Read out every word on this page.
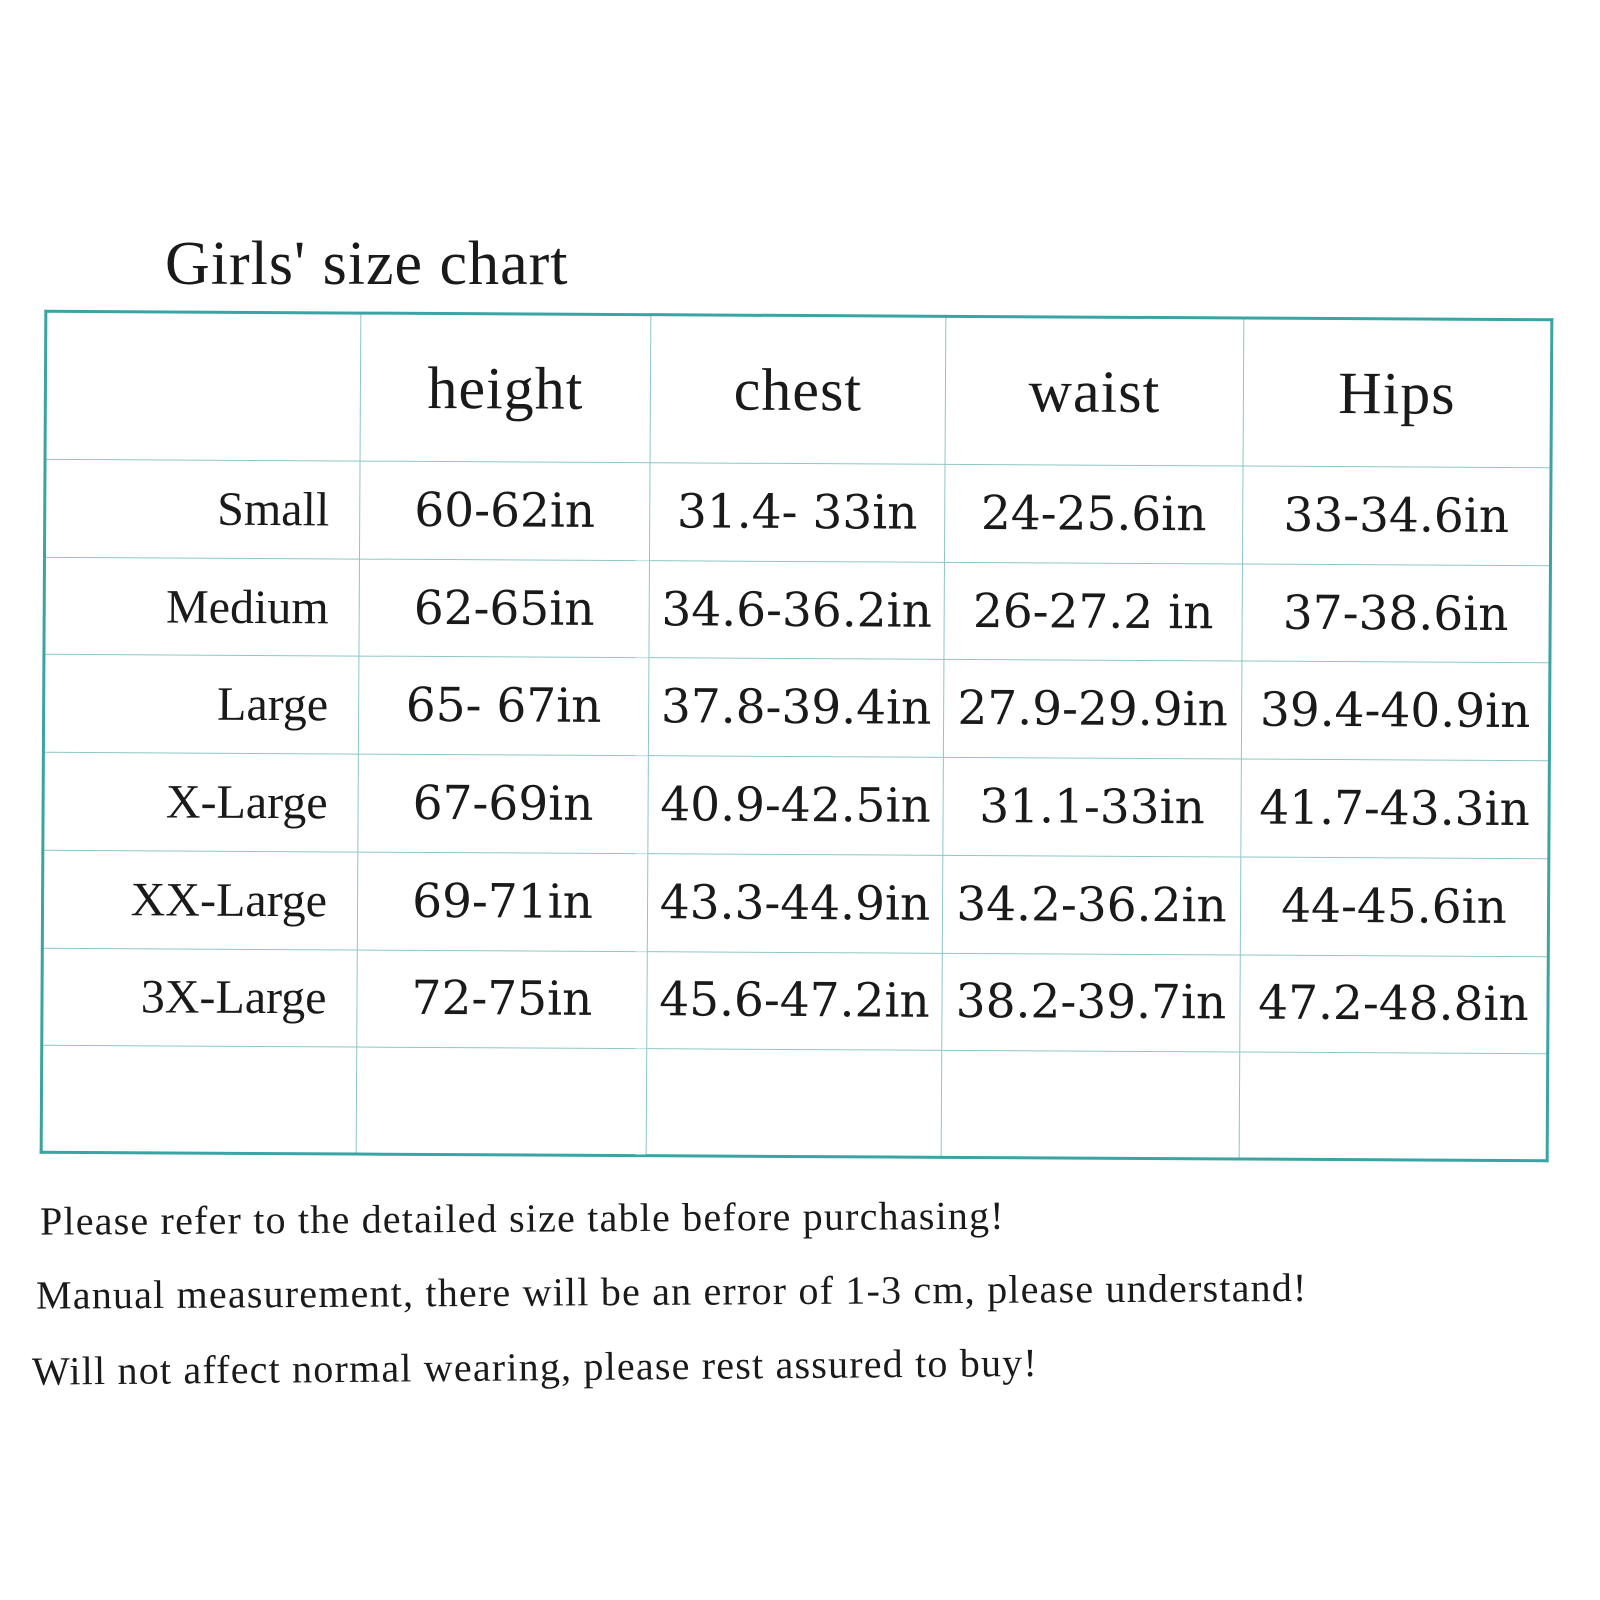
Girls' size chart
	height	chest	waist	Hips
Small	60-62in	31.4- 33in	24-25.6in	33-34.6in
Medium	62-65in	34.6-36.2in	26-27.2 in	37-38.6in
Large	65- 67in	37.8-39.4in	27.9-29.9in	39.4-40.9in
X-Large	67-69in	40.9-42.5in	31.1-33in	41.7-43.3in
XX-Large	69-71in	43.3-44.9in	34.2-36.2in	44-45.6in
3X-Large	72-75in	45.6-47.2in	38.2-39.7in	47.2-48.8in

Please refer to the detailed size table before purchasing!

Manual measurement, there will be an error of 1-3 cm, please understand!

Will not affect normal wearing, please rest assured to buy!
